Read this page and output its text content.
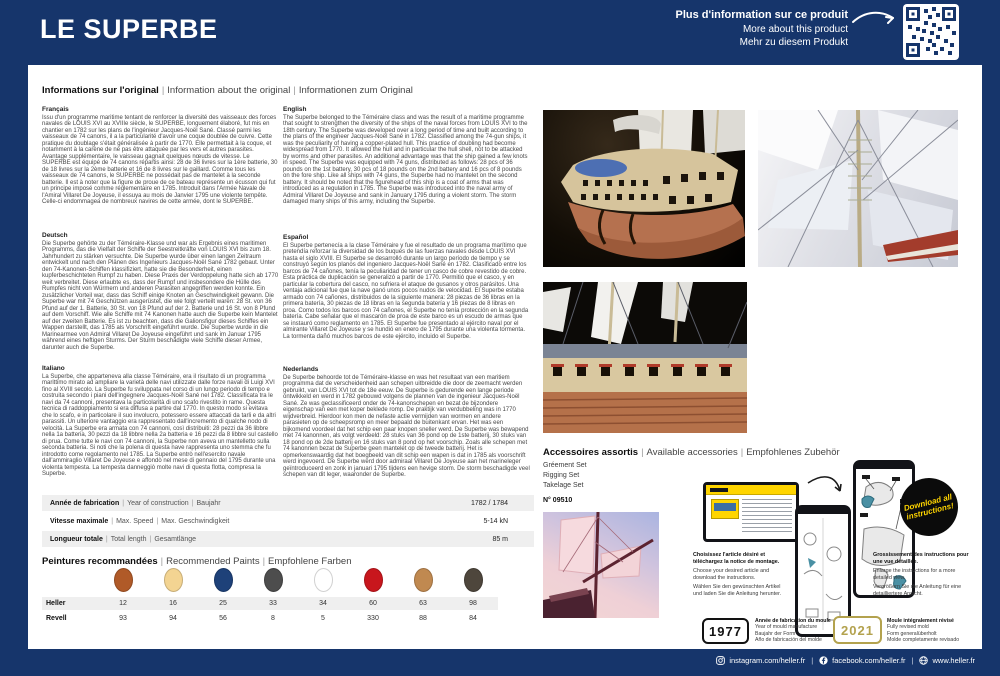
LE SUPERBE	Plus d'information sur ce produit
More about this product
Mehr zu diesem Produkt
Informations sur l'original | Information about the original | Informationen zum Original
Français
Issu d'un programme maritime tentant de renforcer la diversité des vaisseaux des forces navales de LOUIS XVI au XVIIIe siècle, le SUPERBE, longuement élaboré, fut mis en chantier en 1782 sur les plans de l'ingénieur Jacques-Noël Sané. Classé parmi les vaisseaux de 74 canons, il a la particularité d'avoir une coque doublée de cuivre. Cette pratique du doublage s'était généralisée à partir de 1770. Elle permettait à la coque, et notamment à la carène de ne pas être attaquée par les vers et autres parasites. Avantage supplémentaire, le vaisseau gagnait quelques nœuds de vitesse. Le SUPERBE est équipé de 74 canons répartis ainsi: 28 de 36 livres sur la 1ère batterie, 30 de 18 livres sur la 2ème batterie et 16 de 8 livres sur le gaillard. Comme tous les vaisseaux de 74 canons, le SUPERBE ne possédait pas de mantelet à la seconde batterie. Il est à noter que la figure de proue de ce bateau représente un écusson qui fut un principe imposé comme réglementaire en 1785. Introduit dans l'Armée Navale de l'Amiral Villaret De Joyeuse, il essuya au mois de Janvier 1795 une violente tempête. Celle-ci endommagea de nombreux navires de cette armée, dont le SUPERBE.
Deutsch
Die Superbe gehörte zu der Téméraire-Klasse und war als Ergebnis eines maritimen Programms, das die Vielfalt der Schiffe der Seestreitkräfte von LOUIS XVI bis zum 18. Jahrhundert zu stärken versuchte. Die Superbe wurde über einen langen Zeitraum entwickelt und nach den Plänen des Ingenieurs Jacques-Noël Sané 1782 gebaut. Unter den 74-Kanonen-Schiffen klassifiziert, hatte sie die Besonderheit, einen kupferbeschichteten Rumpf zu haben. Diese Praxis der Verdoppelung hatte sich ab 1770 weit verbreitet. Diese erlaubte es, dass der Rumpf und insbesondere die Hülle des Rumpfes nicht von Würmern und anderen Parasiten angegriffen werden konnte. Ein zusätzlicher Vorteil war, dass das Schiff einige Knoten an Geschwindigkeit gewann. Die Superbe war mit 74 Geschützen ausgerüstet, die wie folgt verteilt waren: 28 St. von 36 Pfund auf der 1. Batterie, 30 St. von 18 Pfund auf der 2. Batterie und 16 St. von 8 Pfund auf dem Vorschiff. Wie alle Schiffe mit 74 Kanonen hatte auch die Superbe kein Mantelet auf der zweiten Batterie. Es ist zu beachten, dass die Galionsfigur dieses Schiffes ein Wappen darstellt, das 1785 als Vorschrift eingeführt wurde. Die Superbe wurde in die Marinearmee von Admiral Villaret De Joyeuse eingeführt und sank im Januar 1795 während eines heftigen Sturms. Der Sturm beschädigte viele Schiffe dieser Armee, darunter auch die Superbe.
Italiano
La Superbe, che apparteneva alla classe Téméraire, era il risultato di un programma marittimo mirato ad ampliare la varietà delle navi utilizzate dalle forze navali di Luigi XVI fino al XVIII secolo. La Superbe fu sviluppata nel corso di un lungo periodo di tempo e costruita secondo i piani dell'ingegnere Jacques-Noël Sané nel 1782. Classificata tra le navi da 74 cannoni, presentava la particolarità di uno scafo rivestito in rame. Questa tecnica di raddoppiamento si era diffusa a partire dal 1770. In questo modo si evitava che lo scafo, e in particolare il suo involucro, potessero essere attaccati da tarli e da altri parassiti. Un ulteriore vantaggio era rappresentato dall'incremento di qualche nodo di velocità. La Superbe era armata con 74 cannoni, così distribuiti: 28 pezzi da 36 libbre nella 1a batteria, 30 pezzi da 18 libbre nella 2a batteria e 16 pezzi da 8 libbre sul castello di prua. Come tutte le navi con 74 cannoni, la Superbe non aveva un mantelletto sulla seconda batteria. Si noti che la polena di questa nave rappresenta uno stemma che fu introdotto come regolamento nel 1785. La Superbe entrò nell'esercito navale dall'ammiraglio Villaret De Joyeuse e affondò nel mese di gennaio del 1795 durante una violenta tempesta. La tempesta danneggiò molte navi di questa flotta, compresa la Superbe.
English
The Superbe belonged to the Téméraire class and was the result of a maritime programme that sought to strengthen the diversity of the ships of the naval forces from LOUIS XVI to the 18th century. The Superbe was developed over a long period of time and built according to the plans of the engineer Jacques-Noël Sané in 1782. Classified among the 74-gun ships, it was the peculiarity of having a copper-plated hull. This practice of doubling had become widespread from 1770. It allowed the hull and in particular the hull shell, not to be attacked by worms and other parasites. An additional advantage was that the ship gained a few knots in speed. The Superbe was equipped with 74 guns, distributed as follows: 28 pcs of 36 pounds on the 1st battery, 30 pcs of 18 pounds on the 2nd battery and 16 pcs of 8 pounds on the fore ship. Like all ships with 74 guns, the Superbe had no mantelet on the second battery. It should be noted that the figurehead of this ship is a coat of arms that was introduced as a regulation in 1785. The Superbe was introduced into the naval army of Admiral Villaret De Joyeuse and sank in January 1795 during a violent storm. The storm damaged many ships of this army, including the Superbe.
Español
El Superbe pertenecía a la clase Téméraire y fue el resultado de un programa marítimo que pretendía reforzar la diversidad de los buques de las fuerzas navales desde LOUIS XVI hasta el siglo XVIII. El Superbe se desarrolló durante un largo período de tiempo y se construyó según los planos del ingeniero Jacques-Noël Sané en 1782. Clasificado entre los barcos de 74 cañones, tenía la peculiaridad de tener un casco de cobre revestido de cobre. Esta práctica de duplicación se generalizó a partir de 1770. Permitió que el casco, y en particular la cobertura del casco, no sufriera el ataque de gusanos y otros parásitos. Una ventaja adicional fue que la nave ganó unos pocos nudos de velocidad. El Superbe estaba armado con 74 cañones, distribuidos de la siguiente manera: 28 piezas de 36 libras en la primera batería, 30 piezas de 18 libras en la segunda batería y 16 piezas de 8 libras en proa. Como todos los barcos con 74 cañones, el Superbe no tenía protección en la segunda batería. Cabe señalar que el mascarón de proa de este barco es un escudo de armas que se instauró como reglamento en 1785. El Superbe fue presentado al ejército naval por el almirante Villaret De Joyeuse y se hundió en enero de 1795 durante una violenta tormenta. La tormenta dañó muchos barcos de este ejército, incluido el Superbe.
Nederlands
De Superbe behoorde tot de Téméraire-klasse en was het resultaat van een maritiem programma dat de verscheidenheid aan schepen uitbreidde die door de zeemacht werden gebruikt, van LOUIS XVI tot de 18e eeuw. De Superbe is gedurende een lange periode ontwikkeld en werd in 1782 gebouwd volgens de plannen van de ingenieur Jacques-Noël Sané. Ze was geclassificeerd onder de 74-kanonschepen en bezat de bijzondere eigenschap van een met koper beklede romp. De praktijk van verdubbeling was in 1770 wijdverbreid. Hierdoor kon men de nefaste actie vermijden van wormen en andere parasieten op de scheepsromp en meer bepaald de buitenkant ervan. Het was een bijkomend voordeel dat het schip een paar knopen sneller werd. De Superbe was bewapend met 74 kanonnen, als volgt verdeeld: 28 stuks van 36 pond op de 1ste batterij, 30 stuks van 18 pond op de 2de batterij en 16 stuks van 8 pond op het voorschip. Zoals alle schepen met 74 kanonnen bezat de Superbe geen mantelet op de tweede batterij. Het is opmerkenswaardig dat het boegbeeld van dit schip een wapen is dat in 1785 als voorschrift werd ingevoerd. De Superbe werd door admiraal Villaret De Joyeuse aan het marineleger geïntroduceerd en zonk in januari 1795 tijdens een hevige storm. De storm beschadigde veel schepen van dit leger, waaronder de Superbe.
Année de fabrication | Year of construction | Baujahr	1782 / 1784
Vitesse maximale | Max. Speed | Max. Geschwindigkeit	5-14 kN
Longueur totale | Total length | Gesamtlänge	85 m
Peintures recommandées | Recommended Paints | Empfohlene Farben
Heller	12	16	25	33	34	60	63	98
Revell	93	94	56	8	5	330	88	84
Accessoires assortis | Available accessories | Empfohlenes Zubehör
Gréement Set
Rigging Set
Takelage Set
N° 09510	Download all instructions!

Choisissez l'article désiré et téléchargez la notice de montage.

Choose your desired article and download the instructions.

Wählen Sie den gewünschten Artikel und laden Sie die Anleitung herunter.

Grossissement des instructions pour une vue détaillée.

Enlarge the instructions for a more detailed view.

Vergrößern Sie die Anleitung für eine detailliertere Ansicht.

1977
Année de fabrication du moule
Year of mould manufacture
Baujahr der Form
Año de fabricación del molde
2021
Moule intégralement révisé
Fully revised mold
Form generalüberholt
Molde completamente revisado
instagram.com/heller.fr |	facebook.com/heller.fr |	www.heller.fr
